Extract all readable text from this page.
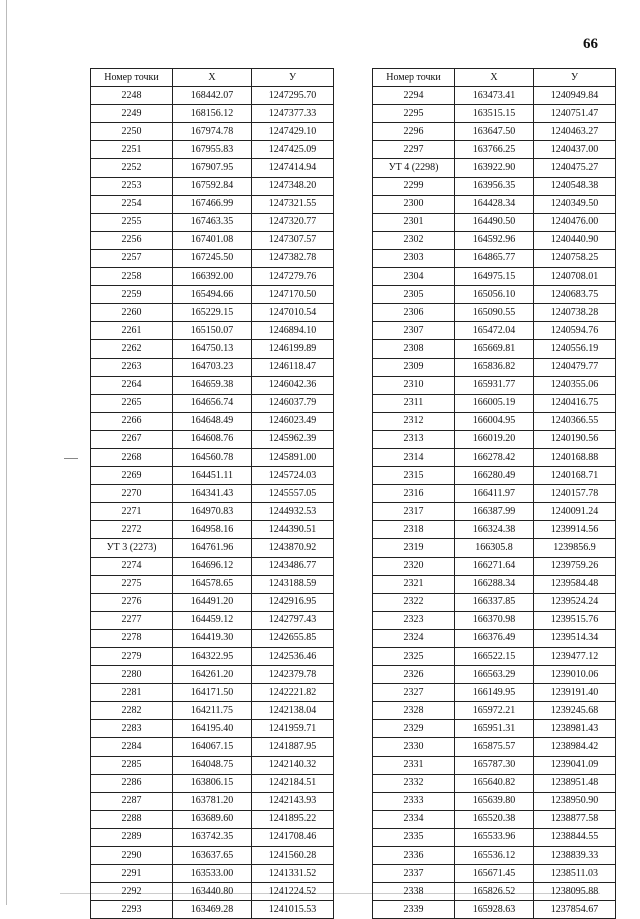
66
Номер точки	X	У
2248	168442.07	1247295.70
2249	168156.12	1247377.33
2250	167974.78	1247429.10
2251	167955.83	1247425.09
2252	167907.95	1247414.94
2253	167592.84	1247348.20
2254	167466.99	1247321.55
2255	167463.35	1247320.77
2256	167401.08	1247307.57
2257	167245.50	1247382.78
2258	166392.00	1247279.76
2259	165494.66	1247170.50
2260	165229.15	1247010.54
2261	165150.07	1246894.10
2262	164750.13	1246199.89
2263	164703.23	1246118.47
2264	164659.38	1246042.36
2265	164656.74	1246037.79
2266	164648.49	1246023.49
2267	164608.76	1245962.39
2268	164560.78	1245891.00
2269	164451.11	1245724.03
2270	164341.43	1245557.05
2271	164970.83	1244932.53
2272	164958.16	1244390.51
УТ 3 (2273)	164761.96	1243870.92
2274	164696.12	1243486.77
2275	164578.65	1243188.59
2276	164491.20	1242916.95
2277	164459.12	1242797.43
2278	164419.30	1242655.85
2279	164322.95	1242536.46
2280	164261.20	1242379.78
2281	164171.50	1242221.82
2282	164211.75	1242138.04
2283	164195.40	1241959.71
2284	164067.15	1241887.95
2285	164048.75	1242140.32
2286	163806.15	1242184.51
2287	163781.20	1242143.93
2288	163689.60	1241895.22
2289	163742.35	1241708.46
2290	163637.65	1241560.28
2291	163533.00	1241331.52
2292	163440.80	1241224.52
2293	163469.28	1241015.53
Номер точки	X	У
2294	163473.41	1240949.84
2295	163515.15	1240751.47
2296	163647.50	1240463.27
2297	163766.25	1240437.00
УТ 4 (2298)	163922.90	1240475.27
2299	163956.35	1240548.38
2300	164428.34	1240349.50
2301	164490.50	1240476.00
2302	164592.96	1240440.90
2303	164865.77	1240758.25
2304	164975.15	1240708.01
2305	165056.10	1240683.75
2306	165090.55	1240738.28
2307	165472.04	1240594.76
2308	165669.81	1240556.19
2309	165836.82	1240479.77
2310	165931.77	1240355.06
2311	166005.19	1240416.75
2312	166004.95	1240366.55
2313	166019.20	1240190.56
2314	166278.42	1240168.88
2315	166280.49	1240168.71
2316	166411.97	1240157.78
2317	166387.99	1240091.24
2318	166324.38	1239914.56
2319	166305.8	1239856.9
2320	166271.64	1239759.26
2321	166288.34	1239584.48
2322	166337.85	1239524.24
2323	166370.98	1239515.76
2324	166376.49	1239514.34
2325	166522.15	1239477.12
2326	166563.29	1239010.06
2327	166149.95	1239191.40
2328	165972.21	1239245.68
2329	165951.31	1238981.43
2330	165875.57	1238984.42
2331	165787.30	1239041.09
2332	165640.82	1238951.48
2333	165639.80	1238950.90
2334	165520.38	1238877.58
2335	165533.96	1238844.55
2336	165536.12	1238839.33
2337	165671.45	1238511.03
2338	165826.52	1238095.88
2339	165928.63	1237854.67
